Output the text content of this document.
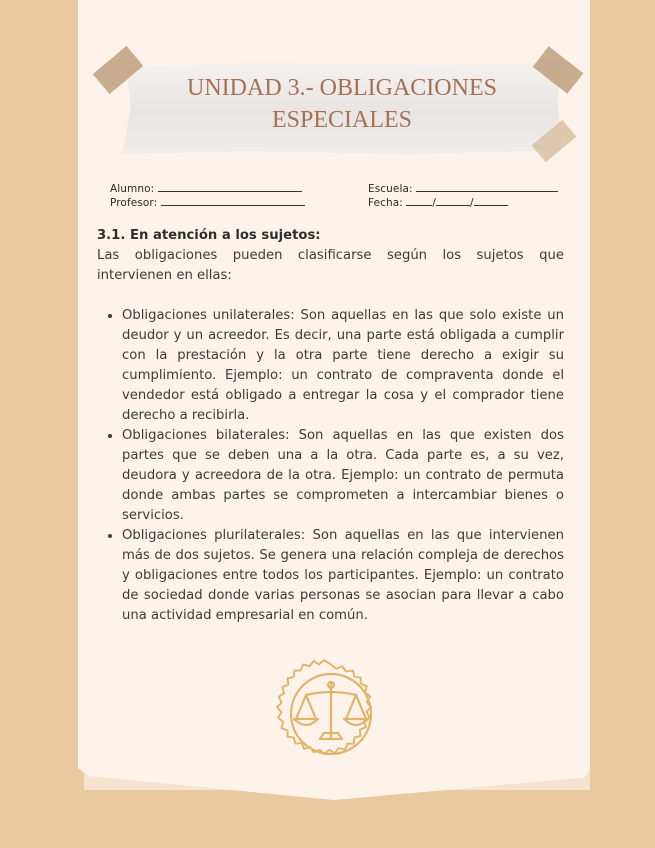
UNIDAD 3.- OBLIGACIONES
ESPECIALES
Alumno:
Profesor:
Escuela:
Fecha:	/	/
3.1. En atención a los sujetos:

Las obligaciones pueden clasificarse según los sujetos que intervienen en ellas:

• Obligaciones unilaterales: Son aquellas en las que solo existe un deudor y un acreedor. Es decir, una parte está obligada a cumplir con la prestación y la otra parte tiene derecho a exigir su cumplimiento. Ejemplo: un contrato de compraventa donde el vendedor está obligado a entregar la cosa y el comprador tiene derecho a recibirla.
• Obligaciones bilaterales: Son aquellas en las que existen dos partes que se deben una a la otra. Cada parte es, a su vez, deudora y acreedora de la otra. Ejemplo: un contrato de permuta donde ambas partes se comprometen a intercambiar bienes o servicios.
• Obligaciones plurilaterales: Son aquellas en las que intervienen más de dos sujetos. Se genera una relación compleja de derechos y obligaciones entre todos los participantes. Ejemplo: un contrato de sociedad donde varias personas se asocian para llevar a cabo una actividad empresarial en común.
